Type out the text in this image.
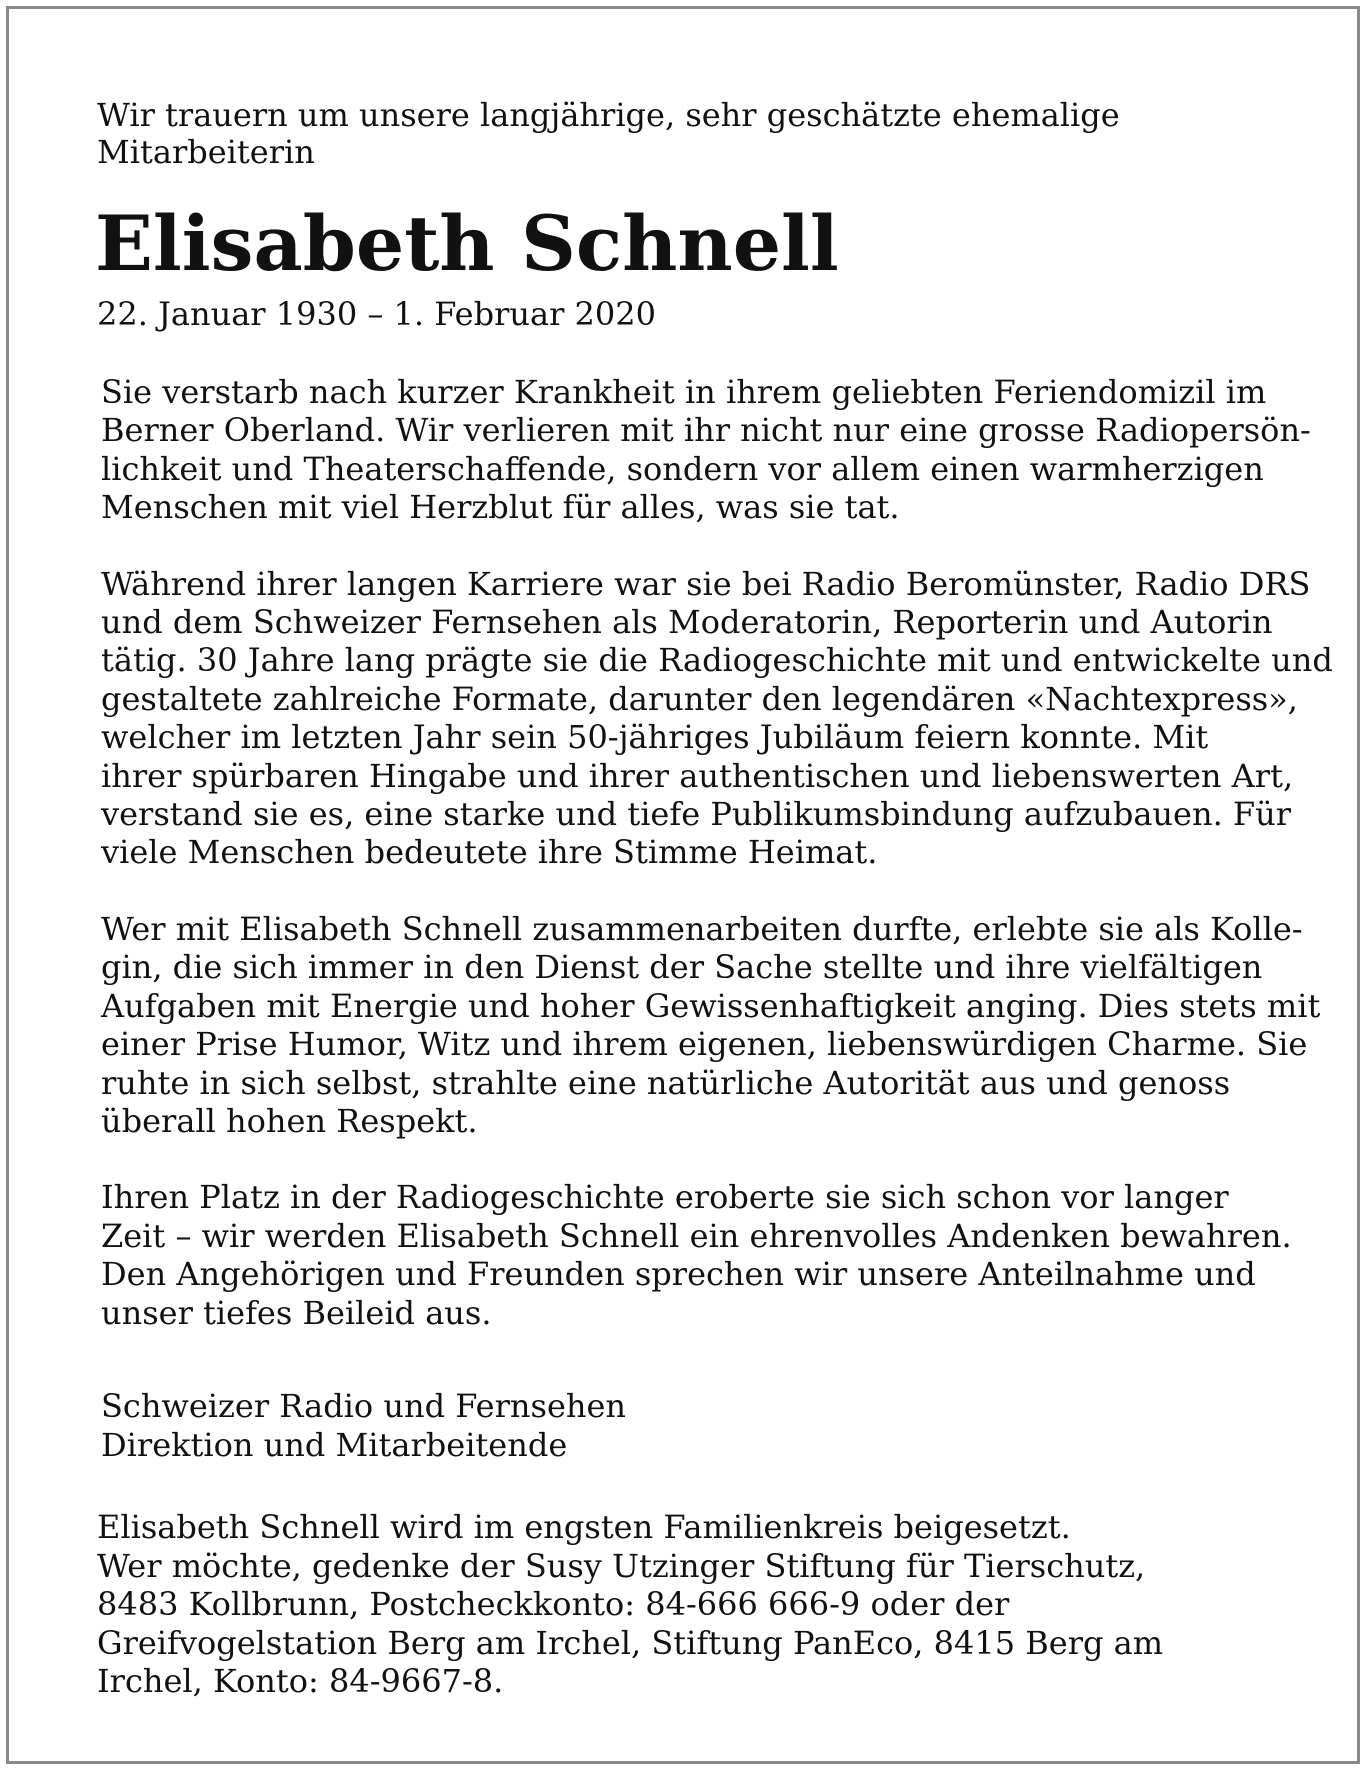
Wir trauern um unsere langjährige, sehr geschätzte ehemalige
Mitarbeiterin
Elisabeth Schnell
22. Januar 1930 – 1. Februar 2020

Sie verstarb nach kurzer Krankheit in ihrem geliebten Feriendomizil im
Berner Oberland. Wir verlieren mit ihr nicht nur eine grosse Radiopersön-
lichkeit und Theaterschaffende, sondern vor allem einen warmherzigen
Menschen mit viel Herzblut für alles, was sie tat.

Während ihrer langen Karriere war sie bei Radio Beromünster, Radio DRS
und dem Schweizer Fernsehen als Moderatorin, Reporterin und Autorin
tätig. 30 Jahre lang prägte sie die Radiogeschichte mit und entwickelte und
gestaltete zahlreiche Formate, darunter den legendären «Nachtexpress»,
welcher im letzten Jahr sein 50-jähriges Jubiläum feiern konnte. Mit
ihrer spürbaren Hingabe und ihrer authentischen und liebenswerten Art,
verstand sie es, eine starke und tiefe Publikumsbindung aufzubauen. Für
viele Menschen bedeutete ihre Stimme Heimat.

Wer mit Elisabeth Schnell zusammenarbeiten durfte, erlebte sie als Kolle-
gin, die sich immer in den Dienst der Sache stellte und ihre vielfältigen
Aufgaben mit Energie und hoher Gewissenhaftigkeit anging. Dies stets mit
einer Prise Humor, Witz und ihrem eigenen, liebenswürdigen Charme. Sie
ruhte in sich selbst, strahlte eine natürliche Autorität aus und genoss
überall hohen Respekt.

Ihren Platz in der Radiogeschichte eroberte sie sich schon vor langer
Zeit – wir werden Elisabeth Schnell ein ehrenvolles Andenken bewahren.
Den Angehörigen und Freunden sprechen wir unsere Anteilnahme und
unser tiefes Beileid aus.

Schweizer Radio und Fernsehen
Direktion und Mitarbeitende
Elisabeth Schnell wird im engsten Familienkreis beigesetzt.
Wer möchte, gedenke der Susy Utzinger Stiftung für Tierschutz,
8483 Kollbrunn, Postcheckkonto: 84-666 666-9 oder der
Greifvogelstation Berg am Irchel, Stiftung PanEco, 8415 Berg am
Irchel, Konto: 84-9667-8.
